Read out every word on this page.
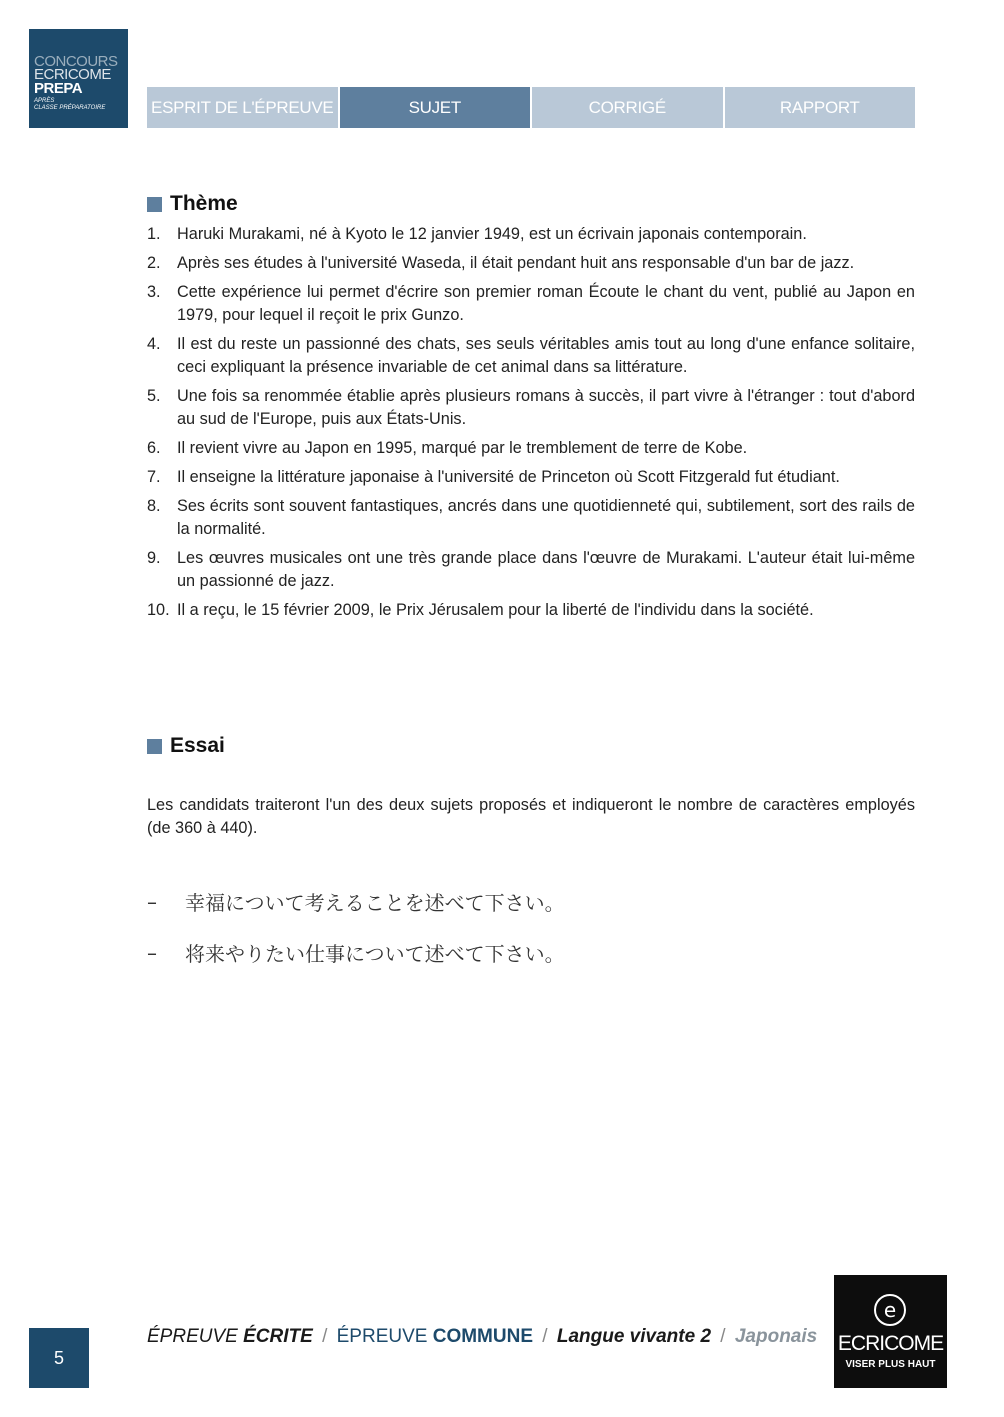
CONCOURS
ECRICOME
PREPA
APRÈS
CLASSE PRÉPARATOIRE	ESPRIT DE L'ÉPREUVE	SUJET	CORRIGÉ	RAPPORT
Thème
1. Haruki Murakami, né à Kyoto le 12 janvier 1949, est un écrivain japonais contemporain.
2. Après ses études à l'université Waseda, il était pendant huit ans responsable d'un bar de jazz.
3. Cette expérience lui permet d'écrire son premier roman Écoute le chant du vent, publié au Japon en 1979, pour lequel il reçoit le prix Gunzo.
4. Il est du reste un passionné des chats, ses seuls véritables amis tout au long d'une enfance solitaire, ceci expliquant la présence invariable de cet animal dans sa littérature.
5. Une fois sa renommée établie après plusieurs romans à succès, il part vivre à l'étranger : tout d'abord au sud de l'Europe, puis aux États-Unis.
6. Il revient vivre au Japon en 1995, marqué par le tremblement de terre de Kobe.
7. Il enseigne la littérature japonaise à l'université de Princeton où Scott Fitzgerald fut étudiant.
8. Ses écrits sont souvent fantastiques, ancrés dans une quotidienneté qui, subtilement, sort des rails de la normalité.
9. Les œuvres musicales ont une très grande place dans l'œuvre de Murakami. L'auteur était lui-même un passionné de jazz.
10. Il a reçu, le 15 février 2009, le Prix Jérusalem pour la liberté de l'individu dans la société.
Essai
Les candidats traiteront l'un des deux sujets proposés et indiqueront le nombre de caractères employés (de 360 à 440).
–	幸福について考えることを述べて下さい。
–	将来やりたい仕事について述べて下さい。
5
ÉPREUVE ÉCRITE / ÉPREUVE COMMUNE / Langue vivante 2 / Japonais
e
ECRICOME
VISER PLUS HAUT
